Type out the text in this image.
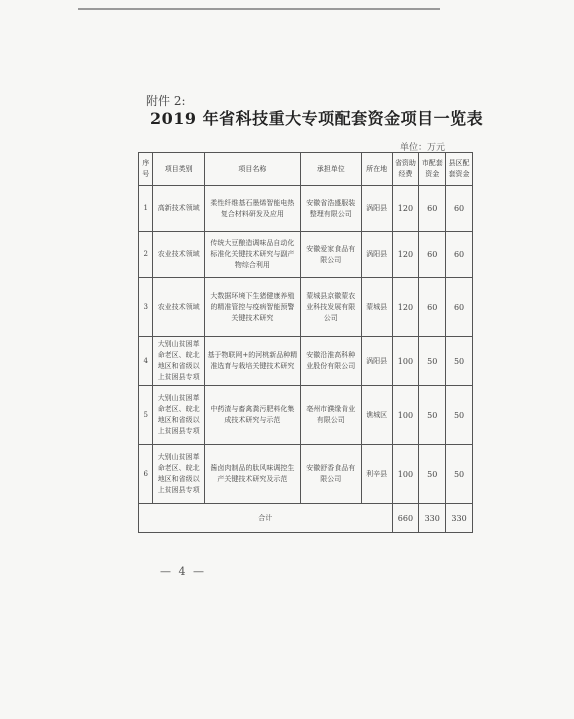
附件 2:
2019 年省科技重大专项配套资金项目一览表
单位：万元
序号	项目类别	项目名称	承担单位	所在地	省资助经费	市配套资金	县区配套资金
1	高新技术领域	柔性纤维基石墨烯智能电热复合材料研发及应用	安徽省浩盛服装整理有限公司	涡阳县	120	60	60
2	农业技术领域	传统大豆酿造调味品自动化标准化关键技术研究与副产物综合利用	安徽爱家食品有限公司	涡阳县	120	60	60
3	农业技术领域	大数据环境下生猪健康养殖的精准管控与疫病智能预警关键技术研究	蒙城县京徽蒙农业科技发展有限公司	蒙城县	120	60	60
4	大别山贫困革命老区、皖北地区和省级以上贫困县专项	基于物联网+的河桃新品种精准选育与栽培关键技术研究	安徽沿淮高科种业股份有限公司	涡阳县	100	50	50
5	大别山贫困革命老区、皖北地区和省级以上贫困县专项	中药渣与畜禽粪污肥料化集成技术研究与示范	亳州市濮缘肯业有限公司	谯城区	100	50	50
6	大别山贫困革命老区、皖北地区和省级以上贫困县专项	酱卤肉制品的肽风味调控生产关键技术研究及示范	安徽舒香食品有限公司	利辛县	100	50	50
合计					660	330	330
— 4 —
